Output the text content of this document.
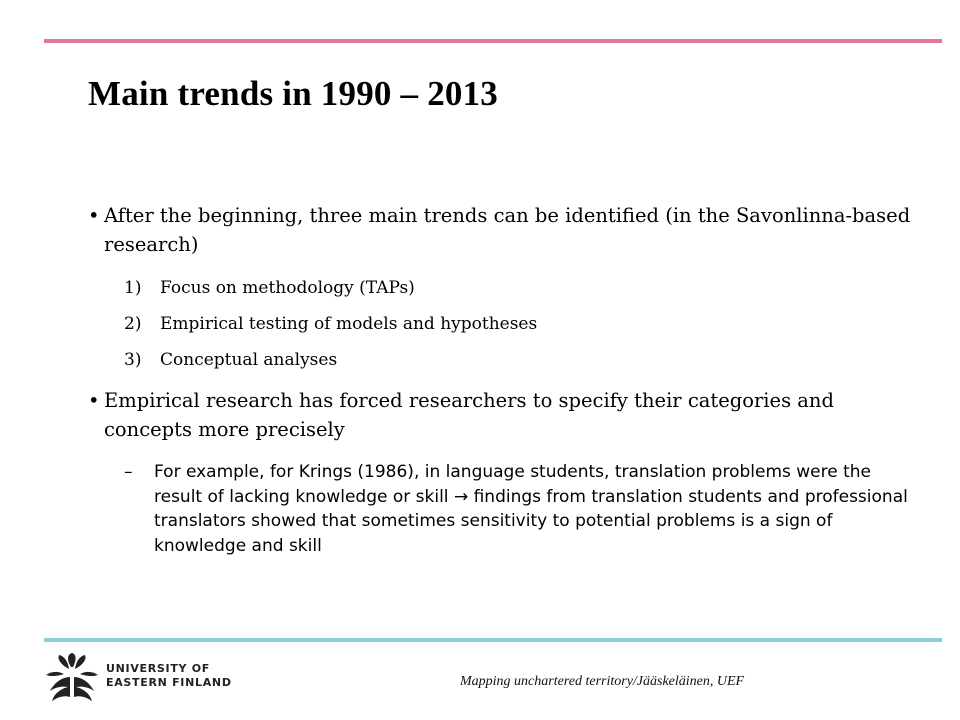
Main trends in 1990 – 2013
• After the beginning, three main trends can be identified (in the Savonlinna-based research)
1) Focus on methodology (TAPs)
2) Empirical testing of models and hypotheses
3) Conceptual analyses
• Empirical research has forced researchers to specify their categories and concepts more precisely
–	For example, for Krings (1986), in language students, translation problems were the result of lacking knowledge or skill → findings from translation students and professional translators showed that sometimes sensitivity to potential problems is a sign of knowledge and skill
UNIVERSITY OF
EASTERN FINLAND	Mapping unchartered territory/Jääskeläinen, UEF
